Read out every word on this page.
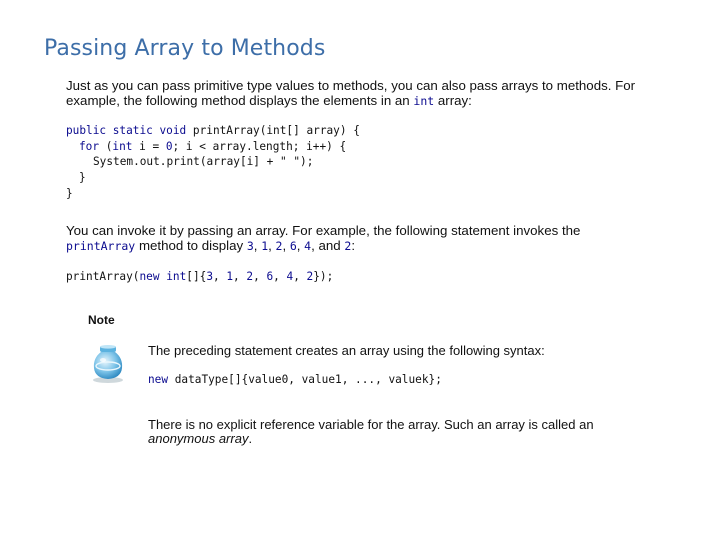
Passing Array to Methods
Just as you can pass primitive type values to methods, you can also pass arrays to methods. For
example, the following method displays the elements in an int array:
public static void printArray(int[] array) {
for (int i = 0; i < array.length; i++) {
System.out.print(array[i] + " ");
}
}
You can invoke it by passing an array. For example, the following statement invokes the
printArray method to display 3, 1, 2, 6, 4, and 2:
printArray(new int[]{3, 1, 2, 6, 4, 2});
Note
The preceding statement creates an array using the following syntax:
new dataType[]{value0, value1, ..., valuek};
There is no explicit reference variable for the array. Such an array is called an
anonymous array.
